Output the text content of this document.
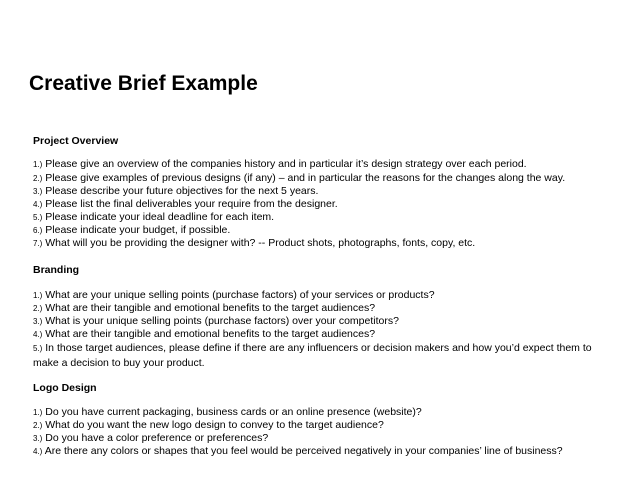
Creative Brief Example
Project Overview
1.) Please give an overview of the companies history and in particular it’s design strategy over each period.
2.) Please give examples of previous designs (if any) – and in particular the reasons for the changes along the way.
3.) Please describe your future objectives for the next 5 years.
4.) Please list the final deliverables your require from the designer.
5.) Please indicate your ideal deadline for each item.
6.) Please indicate your budget, if possible.
7.) What will you be providing the designer with? -- Product shots, photographs, fonts, copy, etc.
Branding
1.) What are your unique selling points (purchase factors) of your services or products?
2.) What are their tangible and emotional benefits to the target audiences?
3.) What is your unique selling points (purchase factors) over your competitors?
4.) What are their tangible and emotional benefits to the target audiences?
5.) In those target audiences, please define if there are any influencers or decision makers and how you’d expect them to make a decision to buy your product.
Logo Design
1.) Do you have current packaging, business cards or an online presence (website)?
2.) What do you want the new logo design to convey to the target audience?
3.) Do you have a color preference or preferences?
4.) Are there any colors or shapes that you feel would be perceived negatively in your companies’ line of business?
